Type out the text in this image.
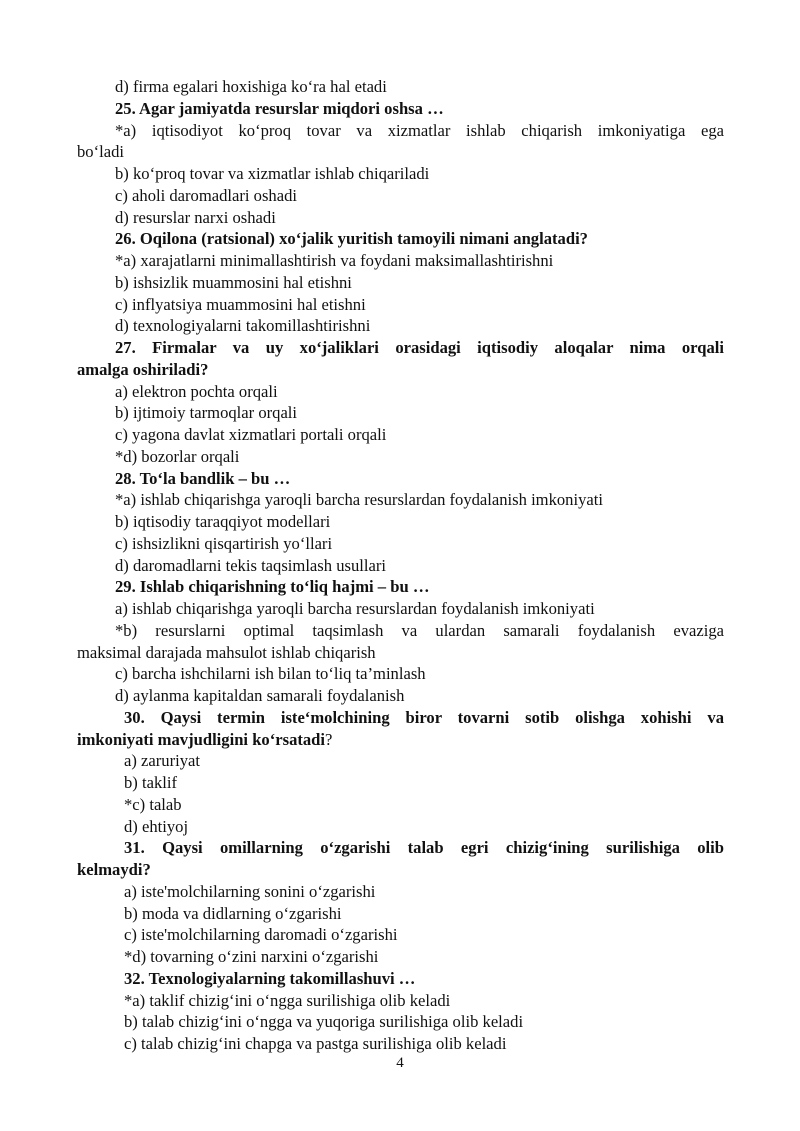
d) firma egalari hoxishiga ko‘ra hal etadi
25. Agar jamiyatda resurslar miqdori oshsa …
*a) iqtisodiyot ko‘proq tovar va xizmatlar ishlab chiqarish imkoniyatiga ega
bo‘ladi
b) ko‘proq tovar va xizmatlar ishlab chiqariladi
c) aholi daromadlari oshadi
d) resurslar narxi oshadi
26. Oqilona (ratsional) xo‘jalik yuritish tamoyili nimani anglatadi?
*a) xarajatlarni minimallashtirish va foydani maksimallashtirishni
b) ishsizlik muammosini hal etishni
c) inflyatsiya muammosini hal etishni
d) texnologiyalarni takomillashtirishni
27. Firmalar va uy xo‘jaliklari orasidagi iqtisodiy aloqalar nima orqali
amalga oshiriladi?
a) elektron pochta orqali
b) ijtimoiy tarmoqlar orqali
c) yagona davlat xizmatlari portali orqali
*d) bozorlar orqali
28. To‘la bandlik – bu …
*a) ishlab chiqarishga yaroqli barcha resurslardan foydalanish imkoniyati
b) iqtisodiy taraqqiyot modellari
c) ishsizlikni qisqartirish yo‘llari
d) daromadlarni tekis taqsimlash usullari
29. Ishlab chiqarishning to‘liq hajmi – bu …
a) ishlab chiqarishga yaroqli barcha resurslardan foydalanish imkoniyati
*b) resurslarni optimal taqsimlash va ulardan samarali foydalanish evaziga
maksimal darajada mahsulot ishlab chiqarish
c) barcha ishchilarni ish bilan to‘liq ta’minlash
d) aylanma kapitaldan samarali foydalanish
30. Qaysi termin iste‘molchining biror tovarni sotib olishga xohishi va
imkoniyati mavjudligini ko‘rsatadi?
a) zaruriyat
b) taklif
*c) talab
d) ehtiyoj
31. Qaysi omillarning o‘zgarishi talab egri chizig‘ining surilishiga olib
kelmaydi?
a) iste'molchilarning sonini o‘zgarishi
b) moda va didlarning o‘zgarishi
c) iste'molchilarning daromadi o‘zgarishi
*d) tovarning o‘zini narxini o‘zgarishi
32. Texnologiyalarning takomillashuvi …
*a) taklif chizig‘ini o‘ngga surilishiga olib keladi
b) talab chizig‘ini o‘ngga va yuqoriga surilishiga olib keladi
c) talab chizig‘ini chapga va pastga surilishiga olib keladi
4
